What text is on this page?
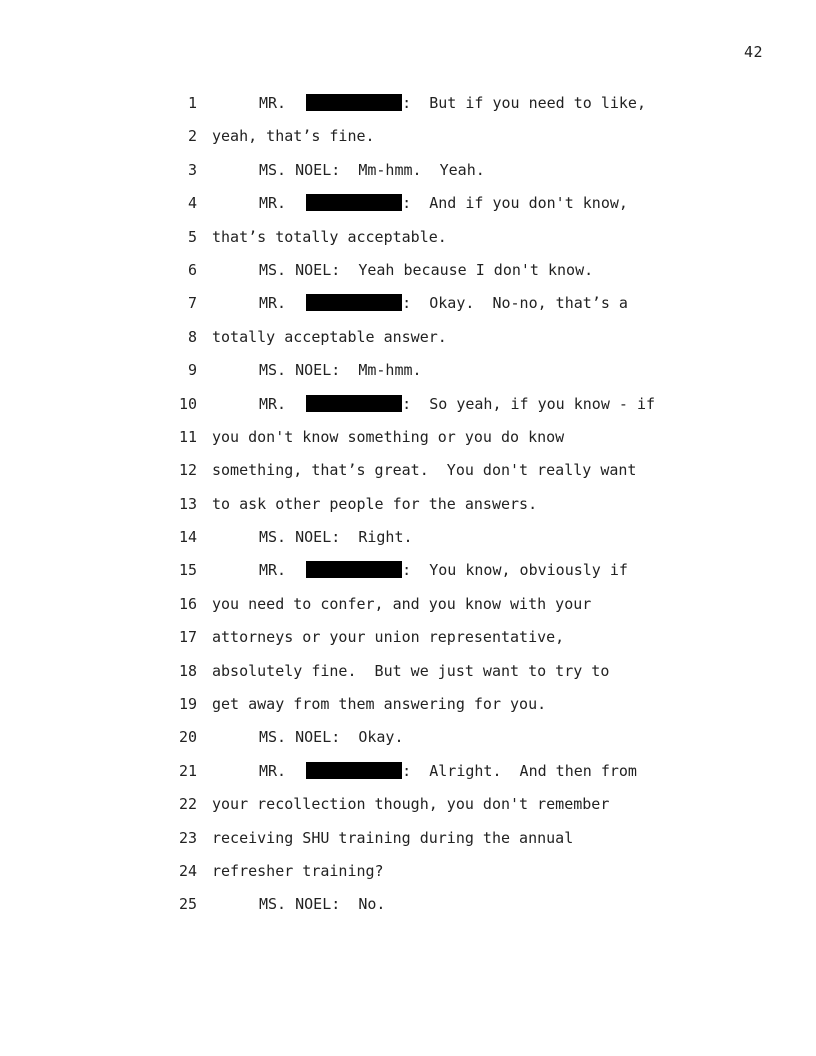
42
1	MR.	:  But if you need to like,
2 yeah, that’s fine.
3	MS. NOEL:  Mm-hmm.  Yeah.
4	MR.	:  And if you don't know,
5 that’s totally acceptable.
6	MS. NOEL:  Yeah because I don't know.
7	MR.	:  Okay.  No-no, that’s a
8 totally acceptable answer.
9	MS. NOEL:  Mm-hmm.
10	MR.	:  So yeah, if you know - if
11 you don't know something or you do know
12 something, that’s great.  You don't really want
13 to ask other people for the answers.
14	MS. NOEL:  Right.
15	MR.	:  You know, obviously if
16 you need to confer, and you know with your
17 attorneys or your union representative,
18 absolutely fine.  But we just want to try to
19 get away from them answering for you.
20	MS. NOEL:  Okay.
21	MR.	:  Alright.  And then from
22 your recollection though, you don't remember
23 receiving SHU training during the annual
24 refresher training?
25	MS. NOEL:  No.
